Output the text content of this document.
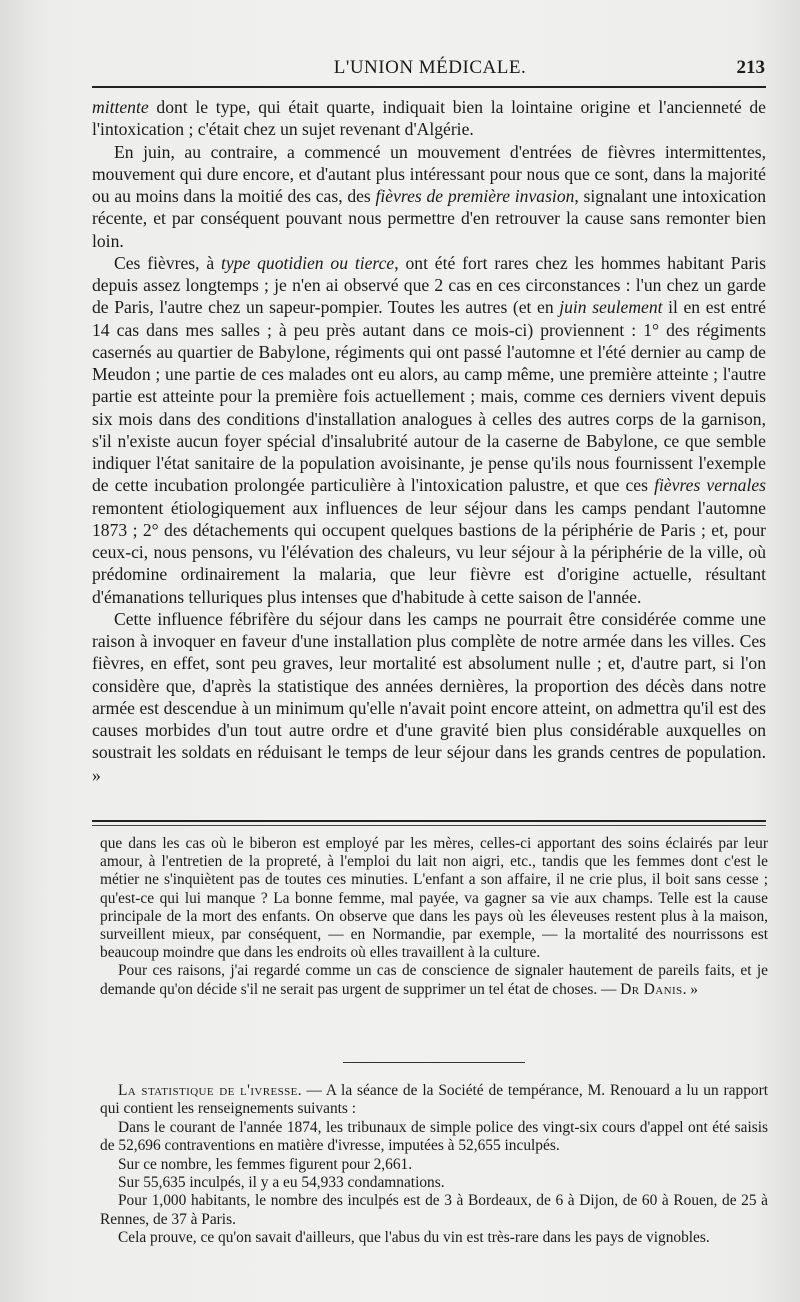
L'UNION MÉDICALE.	213

mittente dont le type, qui était quarte, indiquait bien la lointaine origine et l'ancienneté de l'intoxication ; c'était chez un sujet revenant d'Algérie.

En juin, au contraire, a commencé un mouvement d'entrées de fièvres intermittentes, mouvement qui dure encore, et d'autant plus intéressant pour nous que ce sont, dans la majorité ou au moins dans la moitié des cas, des fièvres de première invasion, signalant une intoxication récente, et par conséquent pouvant nous permettre d'en retrouver la cause sans remonter bien loin.

Ces fièvres, à type quotidien ou tierce, ont été fort rares chez les hommes habitant Paris depuis assez longtemps ; je n'en ai observé que 2 cas en ces circonstances : l'un chez un garde de Paris, l'autre chez un sapeur-pompier. Toutes les autres (et en juin seulement il en est entré 14 cas dans mes salles ; à peu près autant dans ce mois-ci) proviennent : 1° des régiments casernés au quartier de Babylone, régiments qui ont passé l'automne et l'été dernier au camp de Meudon ; une partie de ces malades ont eu alors, au camp même, une première atteinte ; l'autre partie est atteinte pour la première fois actuellement ; mais, comme ces derniers vivent depuis six mois dans des conditions d'installation analogues à celles des autres corps de la garnison, s'il n'existe aucun foyer spécial d'insalubrité autour de la caserne de Babylone, ce que semble indiquer l'état sanitaire de la population avoisinante, je pense qu'ils nous fournissent l'exemple de cette incubation prolongée particulière à l'intoxication palustre, et que ces fièvres vernales remontent étiologiquement aux influences de leur séjour dans les camps pendant l'automne 1873 ; 2° des détachements qui occupent quelques bastions de la périphérie de Paris ; et, pour ceux-ci, nous pensons, vu l'élévation des chaleurs, vu leur séjour à la périphérie de la ville, où prédomine ordinairement la malaria, que leur fièvre est d'origine actuelle, résultant d'émanations telluriques plus intenses que d'habitude à cette saison de l'année.

Cette influence fébrifère du séjour dans les camps ne pourrait être considérée comme une raison à invoquer en faveur d'une installation plus complète de notre armée dans les villes. Ces fièvres, en effet, sont peu graves, leur mortalité est absolument nulle ; et, d'autre part, si l'on considère que, d'après la statistique des années dernières, la proportion des décès dans notre armée est descendue à un minimum qu'elle n'avait point encore atteint, on admettra qu'il est des causes morbides d'un tout autre ordre et d'une gravité bien plus considérable auxquelles on soustrait les soldats en réduisant le temps de leur séjour dans les grands centres de population. »

que dans les cas où le biberon est employé par les mères, celles-ci apportant des soins éclairés par leur amour, à l'entretien de la propreté, à l'emploi du lait non aigri, etc., tandis que les femmes dont c'est le métier ne s'inquiètent pas de toutes ces minuties. L'enfant a son affaire, il ne crie plus, il boit sans cesse ; qu'est-ce qui lui manque ? La bonne femme, mal payée, va gagner sa vie aux champs. Telle est la cause principale de la mort des enfants. On observe que dans les pays où les éleveuses restent plus à la maison, surveillent mieux, par conséquent, — en Normandie, par exemple, — la mortalité des nourrissons est beaucoup moindre que dans les endroits où elles travaillent à la culture.

Pour ces raisons, j'ai regardé comme un cas de conscience de signaler hautement de pareils faits, et je demande qu'on décide s'il ne serait pas urgent de supprimer un tel état de choses. — Dr Danis. »

La statistique de l'ivresse. — A la séance de la Société de tempérance, M. Renouard a lu un rapport qui contient les renseignements suivants :

Dans le courant de l'année 1874, les tribunaux de simple police des vingt-six cours d'appel ont été saisis de 52,696 contraventions en matière d'ivresse, imputées à 52,655 inculpés.

Sur ce nombre, les femmes figurent pour 2,661.

Sur 55,635 inculpés, il y a eu 54,933 condamnations.

Pour 1,000 habitants, le nombre des inculpés est de 3 à Bordeaux, de 6 à Dijon, de 60 à Rouen, de 25 à Rennes, de 37 à Paris.

Cela prouve, ce qu'on savait d'ailleurs, que l'abus du vin est très-rare dans les pays de vignobles.
